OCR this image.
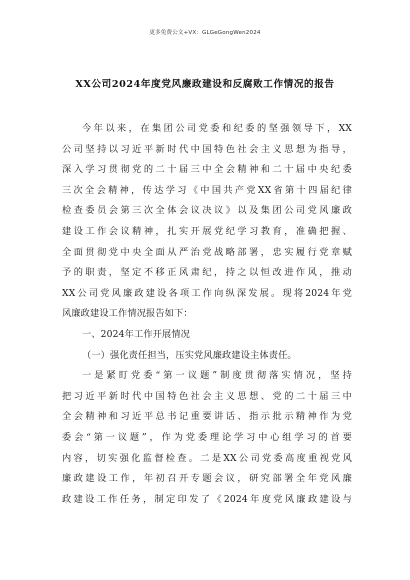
更多免费公文+VX：GLGeGongWen2024
XX公司2024年度党风廉政建设和反腐败工作情况的报告
今年以来，在集团公司党委和纪委的坚强领导下，XX
公司坚持以习近平新时代中国特色社会主义思想为指导，
深入学习贯彻党的二十届三中全会精神和二十届中央纪委
三次全会精神，传达学习《中国共产党XX省第十四届纪律
检查委员会第三次全体会议决议》以及集团公司党风廉政
建设工作会议精神，扎实开展党纪学习教育，准确把握、
全面贯彻党中央全面从严治党战略部署，忠实履行党章赋
予的职责，坚定不移正风肃纪，持之以恒改进作风，推动
XX公司党风廉政建设各项工作向纵深发展。现将2024年党
风廉政建设工作情况报告如下：
一、2024年工作开展情况
（一）强化责任担当，压实党风廉政建设主体责任。
一是紧盯党委“第一议题”制度贯彻落实情况，坚持
把习近平新时代中国特色社会主义思想、党的二十届三中
全会精神和习近平总书记重要讲话、指示批示精神作为党
委会“第一议题”，作为党委理论学习中心组学习的首要
内容，切实强化监督检查。二是XX公司党委高度重视党风
廉政建设工作，年初召开专题会议，研究部署全年党风廉
政建设工作任务，制定印发了《2024年度党风廉政建设与
